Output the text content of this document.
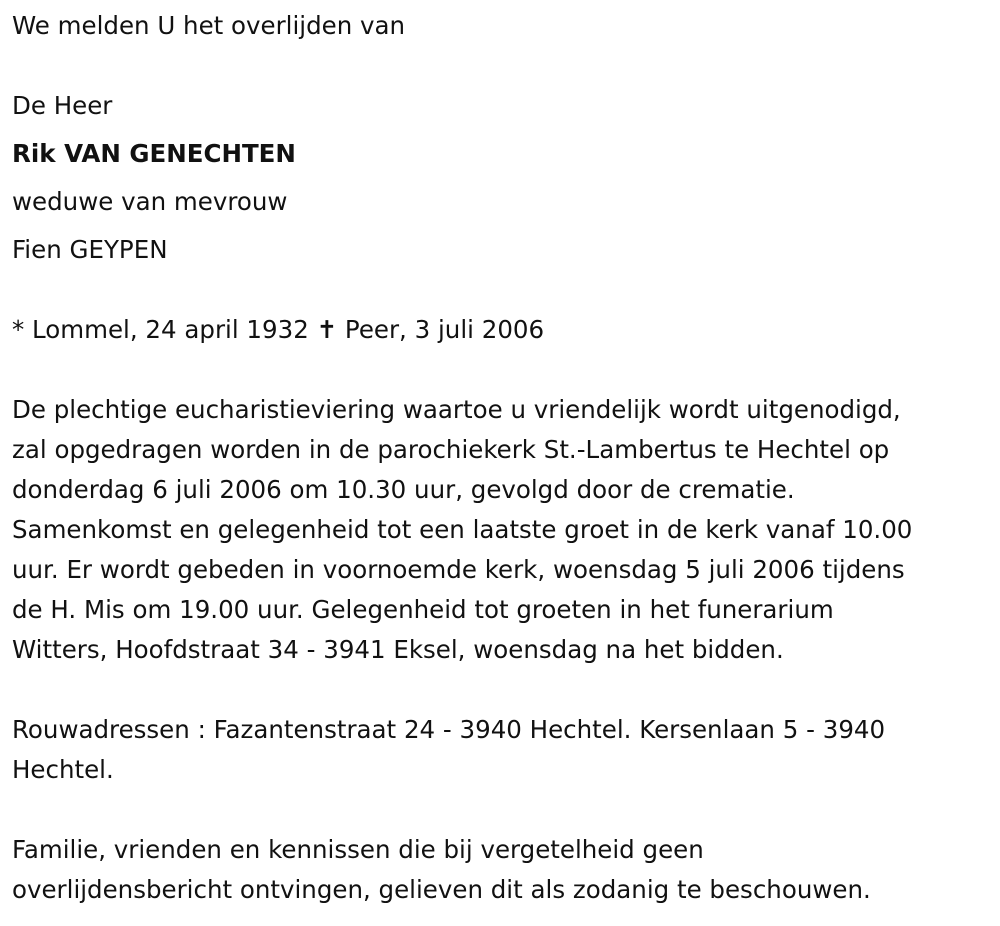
We melden U het overlijden van

De Heer

Rik VAN GENECHTEN

weduwe van mevrouw

Fien GEYPEN

* Lommel, 24 april 1932 ✝ Peer, 3 juli 2006

De plechtige eucharistieviering waartoe u vriendelijk wordt uitgenodigd,

zal opgedragen worden in de parochiekerk St.-Lambertus te Hechtel op

donderdag 6 juli 2006 om 10.30 uur, gevolgd door de crematie.

Samenkomst en gelegenheid tot een laatste groet in de kerk vanaf 10.00

uur. Er wordt gebeden in voornoemde kerk, woensdag 5 juli 2006 tijdens

de H. Mis om 19.00 uur. Gelegenheid tot groeten in het funerarium

Witters, Hoofdstraat 34 - 3941 Eksel, woensdag na het bidden.

Rouwadressen : Fazantenstraat 24 - 3940 Hechtel. Kersenlaan 5 - 3940

Hechtel.

Familie, vrienden en kennissen die bij vergetelheid geen

overlijdensbericht ontvingen, gelieven dit als zodanig te beschouwen.
